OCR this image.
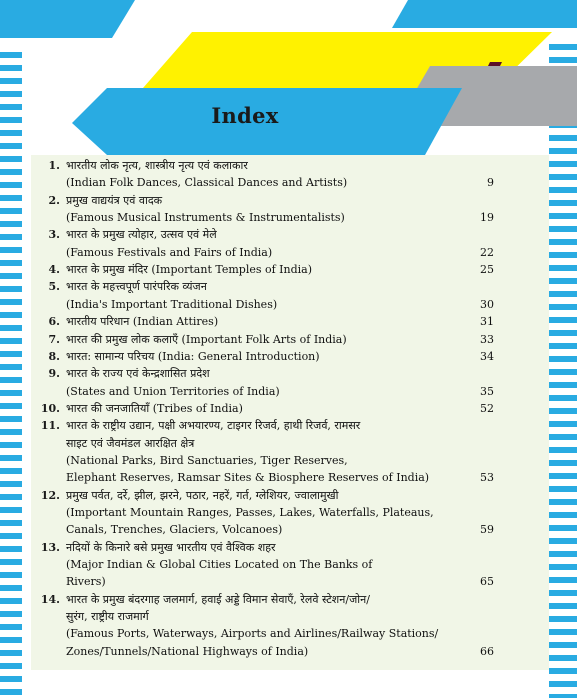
Index
1. भारतीय लोक नृत्य, शास्त्रीय नृत्य एवं कलाकार
(Indian Folk Dances, Classical Dances and Artists)	9
2. प्रमुख वाद्ययंत्र एवं वादक
(Famous Musical Instruments & Instrumentalists)	19
3. भारत के प्रमुख त्योहार, उत्सव एवं मेले
(Famous Festivals and Fairs of India)	22
4. भारत के प्रमुख मंदिर (Important Temples of India)	25
5. भारत के महत्त्वपूर्ण पारंपरिक व्यंजन
(India's Important Traditional Dishes)	30
6. भारतीय परिधान (Indian Attires)	31
7. भारत की प्रमुख लोक कलाएँ (Important Folk Arts of India)	33
8. भारत: सामान्य परिचय (India: General Introduction)	34
9. भारत के राज्य एवं केन्द्रशासित प्रदेश
(States and Union Territories of India)	35
10. भारत की जनजातियाँ (Tribes of India)	52
11. भारत के राष्ट्रीय उद्यान, पक्षी अभयारण्य, टाइगर रिजर्व, हाथी रिजर्व, रामसर
साइट एवं जैवमंडल आरक्षित क्षेत्र
(National Parks, Bird Sanctuaries, Tiger Reserves,
Elephant Reserves, Ramsar Sites & Biosphere Reserves of India)	53
12. प्रमुख पर्वत, दर्रे, झील, झरने, पठार, नहरें, गर्त, ग्लेशियर, ज्वालामुखी
(Important Mountain Ranges, Passes, Lakes, Waterfalls, Plateaus,
Canals, Trenches, Glaciers, Volcanoes)	59
13. नदियों के किनारे बसे प्रमुख भारतीय एवं वैश्विक शहर
(Major Indian & Global Cities Located on The Banks of
Rivers)	65
14. भारत के प्रमुख बंदरगाह जलमार्ग, हवाई अड्डे विमान सेवाएँ, रेलवे स्टेशन/जोन/
सुरंग, राष्ट्रीय राजमार्ग
(Famous Ports, Waterways, Airports and Airlines/Railway Stations/
Zones/Tunnels/National Highways of India)	66
